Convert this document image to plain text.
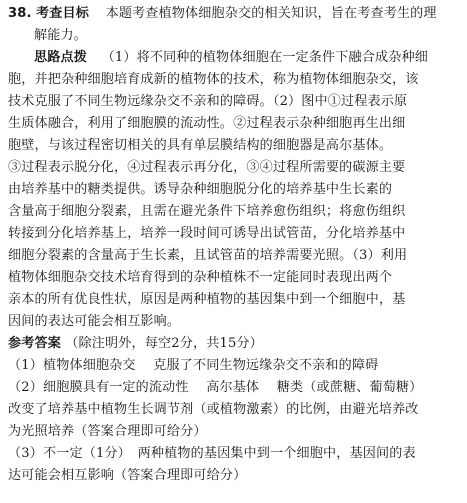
38. 考查目标 本题考查植物体细胞杂交的相关知识，旨在考查考生的理
解能力。
思路点拨 （1）将不同种的植物体细胞在一定条件下融合成杂种细
胞，并把杂种细胞培育成新的植物体的技术，称为植物体细胞杂交，该
技术克服了不同生物远缘杂交不亲和的障碍。（2）图中①过程表示原
生质体融合，利用了细胞膜的流动性。②过程表示杂种细胞再生出细
胞壁，与该过程密切相关的具有单层膜结构的细胞器是高尔基体。
③过程表示脱分化，④过程表示再分化，③④过程所需要的碳源主要
由培养基中的糖类提供。诱导杂种细胞脱分化的培养基中生长素的
含量高于细胞分裂素，且需在避光条件下培养愈伤组织；将愈伤组织
转接到分化培养基上，培养一段时间可诱导出试管苗，分化培养基中
细胞分裂素的含量高于生长素，且试管苗的培养需要光照。（3）利用
植物体细胞杂交技术培育得到的杂种植株不一定能同时表现出两个
亲本的所有优良性状，原因是两种植物的基因集中到一个细胞中，基
因间的表达可能会相互影响。
参考答案 （除注明外，每空2分，共15分）
（1）植物体细胞杂交　 克服了不同生物远缘杂交不亲和的障碍
（2）细胞膜具有一定的流动性　 高尔基体　 糖类（或蔗糖、葡萄糖）
改变了培养基中植物生长调节剂（或植物激素）的比例，由避光培养改
为光照培养（答案合理即可给分）
（3）不一定（1分）　两种植物的基因集中到一个细胞中，基因间的表
达可能会相互影响（答案合理即可给分）
